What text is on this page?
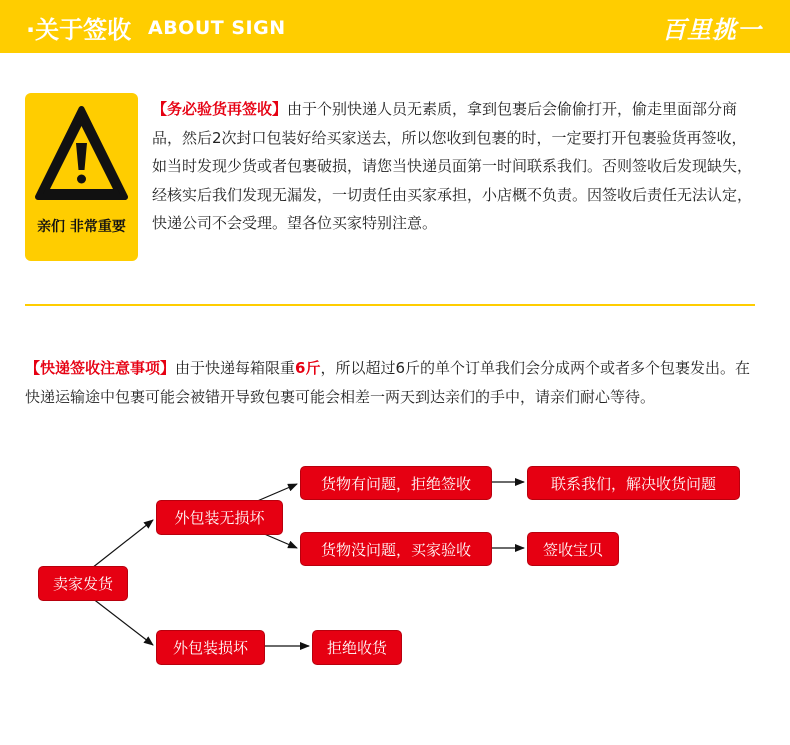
·关于签收 ABOUT SIGN	百里挑一
亲们 非常重要
【务必验货再签收】由于个别快递人员无素质，拿到包裹后会偷偷打开，偷走里面部分商品，然后2次封口包装好给买家送去，所以您收到包裹的时，一定要打开包裹验货再签收，如当时发现少货或者包裹破损，请您当快递员面第一时间联系我们。否则签收后发现缺失，经核实后我们发现无漏发，一切责任由买家承担，小店概不负责。因签收后责任无法认定，快递公司不会受理。望各位买家特别注意。
【快递签收注意事项】由于快递每箱限重6斤，所以超过6斤的单个订单我们会分成两个或者多个包裹发出。在快递运输途中包裹可能会被错开导致包裹可能会相差一两天到达亲们的手中，请亲们耐心等待。
卖家发货
外包装无损坏
外包装损坏
货物有问题，拒绝签收
货物没问题，买家验收
联系我们，解决收货问题
签收宝贝
拒绝收货
